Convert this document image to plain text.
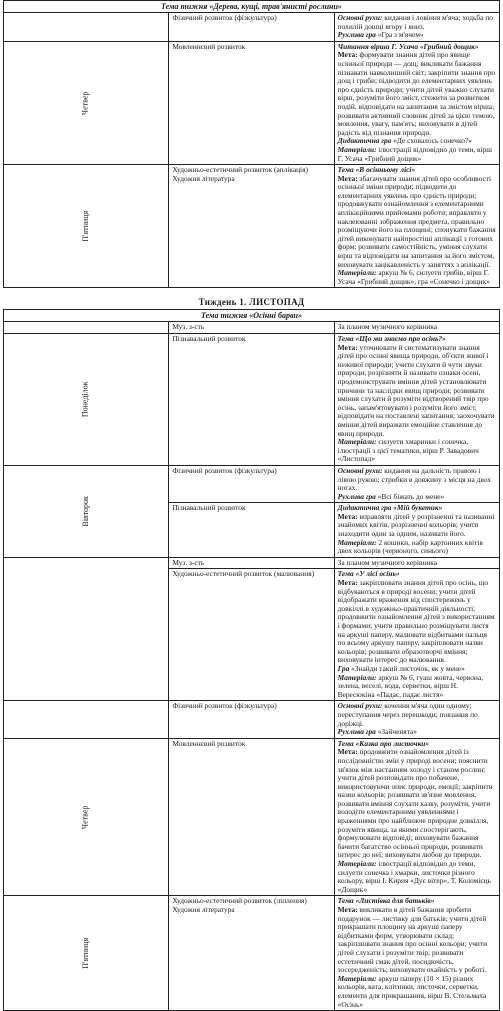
Тема тижня «Дерева, кущі, трав'янисті рослини»		
	Фізичний розвиток (фізкультура)	Основні рухи: кидання і ловіння м'яча; ходьба по похилій дошці вгору і вниз.
Рухлива гра «Гра з м'ячем»

Четвер	Мовленнєвий розвиток	Читання вірша Г. Усача «Грибний дощик»
Мета: формувати знання дітей про явище осінньої природи — дощ; викликати бажання пізнавати навколишній світ; закріпити знання про дощ і гриби; підводити до елементарних уявлень про єдність природи; учити дітей уважно слухати вірш, розуміти його зміст, стежити за розвитком подій, відповідати на запитання за змістом вірша; розвивати активний словник дітей за цією темою, мовлення, увагу, пам'ять; виховувати в дітей радість від пізнання природи.
Дидактична гра «Де сховалось сонечко?»
Матеріали: ілюстрації відповідно до теми, вірш Г. Усача «Грибний дощик»

П'ятниця	Художньо-естетичний розвиток (аплікація) Художня література	Тема «В осінньому лісі»
Мета: збагачувати знання дітей про особливості осінньої зміни природи; підводити до елементарних уявлень про єдність природи; продовжувати ознайомлення з елементарними аплікаційними прийомами роботи; вправляти у наклеюванні зображення предмета, правильно розміщуючи його на площині; спонукати бажання дітей виконувати найпростіші аплікації з готових форм; розвивати самостійність, уміння слухати вірш та відповідати на запитання за його змістом, виховувати зацікавленість у заняттях з аплікації.
Матеріали: аркуш № 6, силуети грибів, вірш Г. Усача «Грибний дощик», гра «Сонечко і дощик»
Тиждень 1. ЛИСТОПАД
Тема тижня «Осінні барви»		
	Муз. з-сть	За планом музичного керівника

Понеділок	Пізнавальний розвиток	Тема «Що ми знаємо про осінь?»
Мета: уточнювати й систематизувати знання дітей про осінні явища природи, об'єкти живої і неживої природи; учити слухати й чути звуки природи; розрізняти й називати ознаки осені, продемонструвати вміння дітей установлювати причини та наслідки явищ природи; розвивати вміння слухати й розуміти відтворений твір про осінь, запам'ятовувати і розуміти його зміст, відповідати на поставлені запитання; заохочувати вміння дітей виражати емоційне ставлення до явищ природи.
Матеріали: силуети хмаринки і сонечка, ілюстрації з цієї тематики, вірш Р. Завадович «Листопад»

Вівторок	Фізичний розвиток (фізкультура)	Основні рухи: кидання на дальність правою і лівою рукою; стрибки в довжину з місця на двох ногах.
Рухлива гра «Всі біжать до мене»

	Пізнавальний розвиток	Дидактична гра «Мій букетик»
Мета: вправляти дітей у розрізненні та називанні знайомих квітів, розрізненні кольорів; учити знаходити один за одним, називати його.
Матеріали: 2 кошики, набір картонних квітів двох кольорів (червоного, синього)

	Муз. з-сть	За планом музичного керівника

	Художньо-естетичний розвиток (малювання)	Тема «У лісі осінь»
Мета: закріплювати знання дітей про осінь, що відбуваються в природі восени; учити дітей відображати враження від спостережень у довкіллі в художньо-практичній діяльності; продовжити ознайомлення дітей з використанням і формами; учити правильно розміщувати листя на аркуші паперу, малювати відбитками пальця по всьому аркушу паперу, закріплювати назви кольорів; розвивати образотворчі вміння; виховувати інтерес до малювання.
Гра «Знайди такий листочок, як у мене»
Матеріали: аркуш № 6, гуаш жовта, червона, зелена, веселі, вода, серветки, вірш Н. Вересюкіна «Падає, падає листя»

	Фізичний розвиток (фізкультура)	Основні рухи: кочення м'яча один одному; переступання через перешкоди; повзання по доріжці.
Рухлива гра «Зайченята»

Четвер	Мовленнєвий розвиток	Тема «Казка про листочки»
Мета: продовжити ознайомлення дітей із послідовністю змін у природі восени; пояснити зв'язок між настанням холоду і станом рослин; учити дітей розповідати про побачене, використовуючи опис природи, емоції; закріпити назви кольорів; розвивати зв'язне мовлення, розвивати вміння слухати казку, розуміти, учити володіти елементарними уявленнями і враженнями про найближче природне довкілля, розуміти явища, за якими спостерігають, формулювати відповіді; виховувати бажання бачити багатство осінньої природи, розвивати інтерес до неї; виховувати любов до природи.
Матеріали: ілюстрації відповідно до теми, силуети сонечка і хмарки, листочки різного кольору, вірш І. Кирия «Дує вітер», Т. Коломієць «Дощик»

П'ятниця	Художньо-естетичний розвиток (ліплення) Художня література	Тема «Листівка для батьків»
Мета: викликати в дітей бажання зробити подарунок — листівку для батьків; учити дітей прикрашати площину на аркуші паперу відбитками форм, утворювати склад; закріплювати знання про осінні кольори; учити дітей слухати і розуміти твір; розвивати естетичний смак дітей, посидючість, зосередженість; виховувати охайність у роботі.
Матеріали: аркуш паперу (10 × 15) різних кольорів, вата, клітинки, листочки, серветки, елементи для прикрашання, вірш В. Стельмаха «Осінь»
